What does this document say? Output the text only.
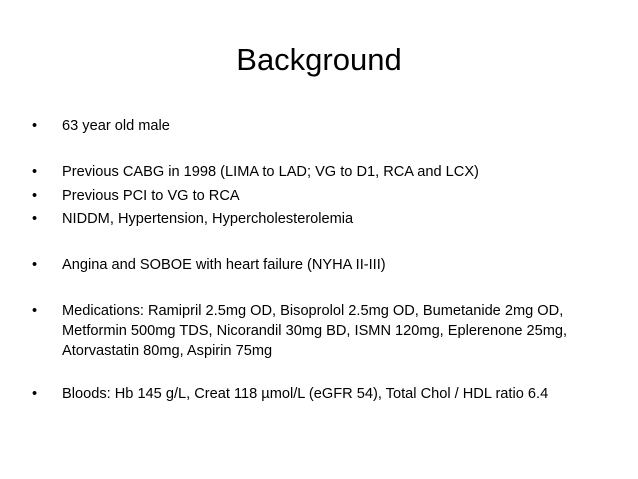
Background
•	63 year old male
•	Previous CABG in 1998 (LIMA to LAD; VG to D1, RCA and LCX)
•	Previous PCI to VG to RCA
•	NIDDM, Hypertension, Hypercholesterolemia
•	Angina and SOBOE with heart failure (NYHA II-III)
•	Medications: Ramipril 2.5mg OD, Bisoprolol 2.5mg OD, Bumetanide 2mg OD, Metformin 500mg TDS, Nicorandil 30mg BD, ISMN 120mg, Eplerenone 25mg, Atorvastatin 80mg, Aspirin 75mg
•	Bloods: Hb 145 g/L, Creat 118 µmol/L (eGFR 54), Total Chol / HDL ratio 6.4
